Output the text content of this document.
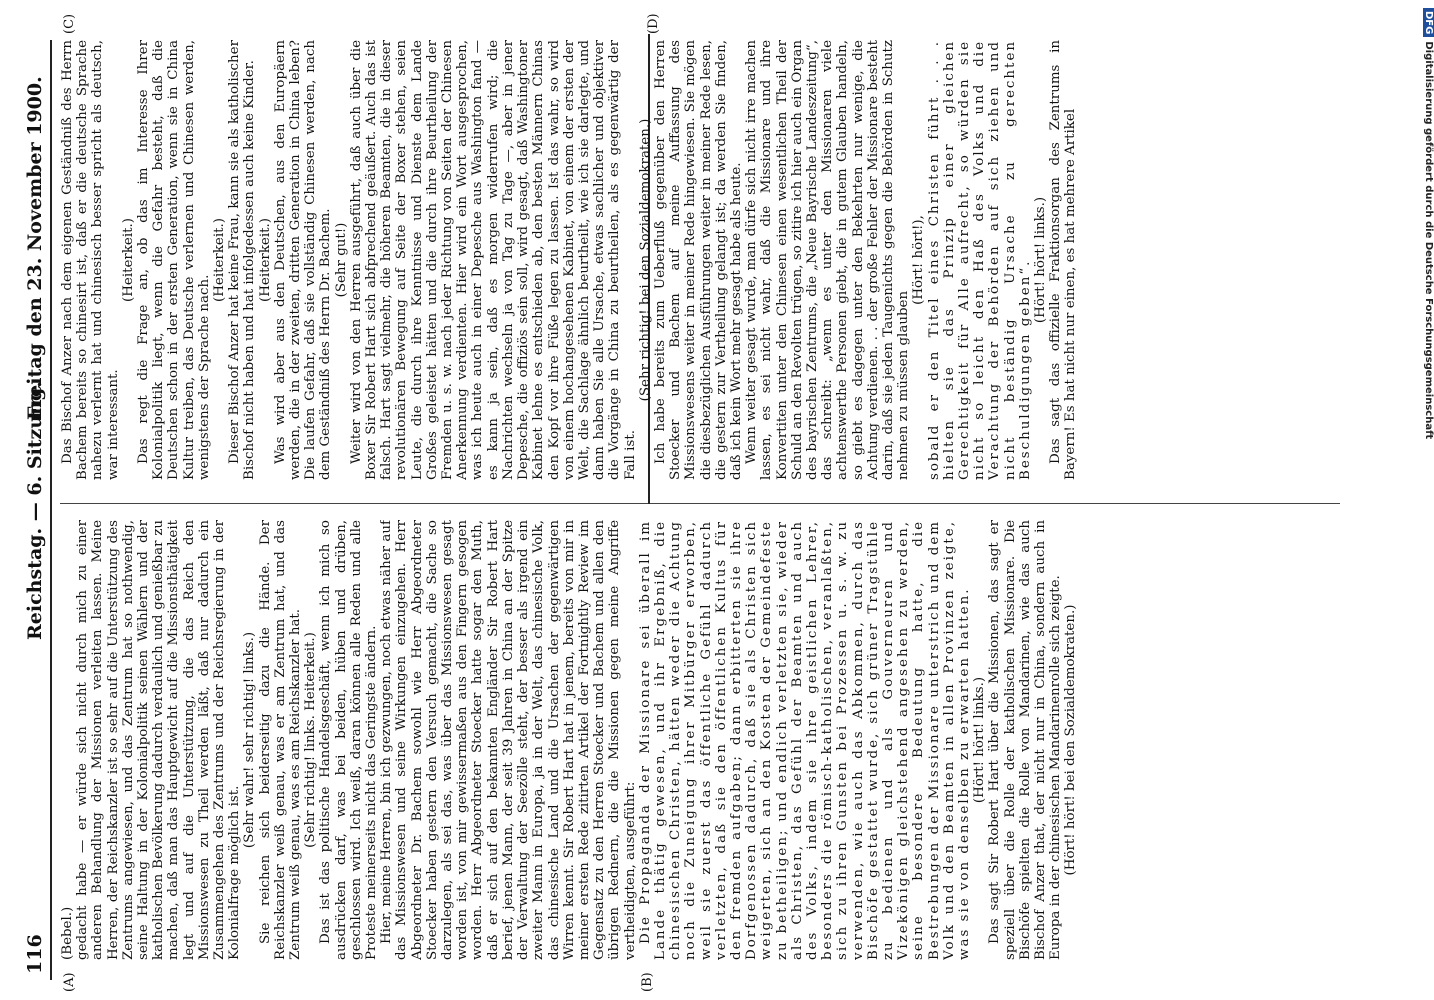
116
Reichstag. — 6. Sitzung.
Freitag den 23. November 1900.
(A)	(B)
(C)	(D)

(Bebel.) gedacht habe — er würde sich nicht durch mich zu einer anderen Behandlung der Missionen verleiten lassen. Meine Herren, der Reichskanzler ist so sehr auf die Unterstützung des Zentrums angewiesen, und das Zentrum hat so nothwendig, seine Haltung in der Kolonialpolitik seinen Wählern und der katholischen Bevölkerung dadurch verdaulich und genießbar zu machen, daß man das Hauptgewicht auf die Missionsthätigkeit legt und auf die Unterstützung, die das Reich den Missionswesen zu Theil werden läßt, daß nur dadurch ein Zusammengehen des Zentrums und der Reichsregierung in der Kolonialfrage möglich ist.

(Sehr wahr! sehr richtig! links.) Sie reichen sich beiderseitig dazu die Hände. Der Reichskanzler weiß genau, was er am Zentrum hat, und das Zentrum weiß genau, was es am Reichskanzler hat. (Sehr richtig! links. Heiterkeit.) Das ist das politische Handelsgeschäft, wenn ich mich so ausdrücken darf, was bei beiden, hüben und drüben, geschlossen wird. Ich weiß, daran können alle Reden und alle Proteste meinerseits nicht das Geringste ändern. Hier, meine Herren, bin ich gezwungen, noch etwas näher auf das Missionswesen und seine Wirkungen einzugehen. Herr Abgeordneter Dr. Bachem sowohl wie Herr Abgeordneter Stoecker haben gestern den Versuch gemacht, die Sache so darzulegen, als sei das, was über das Missionswesen gesagt worden ist, von mir gewissermaßen aus den Fingern gesogen worden. Herr Abgeordneter Stoecker hatte sogar den Muth, daß er sich auf den bekannten Engländer Sir Robert Hart berief, jenen Mann, der seit 39 Jahren in China an der Spitze der Verwaltung der Seezölle steht, der besser als irgend ein zweiter Mann in Europa, ja in der Welt, das chinesische Volk, das chinesische Land und die Ursachen der gegenwärtigen Wirren kennt. Sir Robert Hart hat in jenem, bereits von mir in meiner ersten Rede zitirten Artikel der Fortnightly Review im Gegensatz zu den Herren Stoecker und Bachem und allen den übrigen Rednern, die die Missionen gegen meine Angriffe vertheidigten, ausgeführt: Die Propaganda der Missionare sei überall im Lande thätig gewesen, und ihr Ergebniß, die chinesischen Christen, hätten weder die Achtung noch die Zuneigung ihrer Mitbürger erworben, weil sie zuerst das öffentliche Gefühl dadurch verletzten, daß sie den öffentlichen Kultus für den fremden aufgaben; dann erbitterten sie ihre Dorfgenossen dadurch, daß sie als Christen sich weigerten, sich an den Kosten der Gemeindefeste zu betheiligen; und endlich verletzten sie, wieder als Christen, das Gefühl der Beamten und auch des Volks, indem sie ihre geistlichen Lehrer, besonders die römisch-katholischen, veranlaßten, sich zu ihren Gunsten bei Prozessen u. s. w. zu verwenden, wie auch das Abkommen, durch das Bischöfe gestattet wurde, sich grüner Tragstühle zu bedienen und als Gouverneuren und Vizekönigen gleichstehend angesehen zu werden, seine besondere Bedeutung hatte, die Bestrebungen der Missionare unterstrich und dem Volk und den Beamten in allen Provinzen zeigte, was sie von denselben zu erwarten hatten. (Hört! hört! links.) Das sagt Sir Robert Hart über die Missionen, das sagt er speziell über die Rolle der katholischen Missionare. Die Bischöfe spielten die Rolle von Mandarinen, wie das auch Bischof Anzer that, der nicht nur in China, sondern auch in Europa in der chinesischen Mandarinenrolle sich zeigte. (Hört! hört! bei den Sozialdemokraten.)

Das Bischof Anzer nach dem eigenen Geständniß des Herrn Bachem bereits so chinesirt ist, daß er die deutsche Sprache nahezu verlernt hat und chinesisch besser spricht als deutsch, war interessant.

(Heiterkeit.) Das regt die Frage an, ob das im Interesse Ihrer Kolonialpolitik liegt, wenn die Gefahr besteht, daß die Deutschen schon in der ersten Generation, wenn sie in China Kultur treiben, das Deutsche verlernen und Chinesen werden, wenigstens der Sprache nach.

(Heiterkeit.) Dieser Bischof Anzer hat keine Frau, kann sie als katholischer Bischof nicht haben und hat infolgedessen auch keine Kinder. (Heiterkeit.) Was wird aber aus den Deutschen, aus den Europäern werden, die in der zweiten, dritten Generation in China leben? Die laufen Gefahr, daß sie vollständig Chinesen werden, nach dem Geständniß des Herrn Dr. Bachem. (Sehr gut!) Weiter wird von den Herren ausgeführt, daß auch über die Boxer Sir Robert Hart sich abfprechend geäußert. Auch das ist falsch. Hart sagt vielmehr, die höheren Beamten, die in dieser revolutionären Bewegung auf Seite der Boxer stehen, seien Leute, die durch ihre Kenntnisse und Dienste dem Lande Großes geleistet hätten und die durch ihre Beurtheilung der Fremden u. s. w. nach jeder Richtung von Seiten der Chinesen Anerkennung verdienten. Hier wird ein Wort ausgesprochen, was ich heute auch in einer Depesche aus Washington fand — es kann ja sein, daß es morgen widerrufen wird; die Nachrichten wechseln ja von Tag zu Tage —, aber in jener Depesche, die offiziös sein soll, wird gesagt, daß Washingtoner Kabinet lehne es entschieden ab, den besten Männern Chinas den Kopf vor ihre Füße legen zu lassen. Ist das wahr, so wird von einem hochangesehenen Kabinet, von einem der ersten der Welt, die Sachlage ähnlich beurtheilt, wie ich sie darlegte, und dann haben Sie alle Ursache, etwas sachlicher und objektiver die Vorgänge in China zu beurtheilen, als es gegenwärtig der Fall ist.

(Sehr richtig! bei den Sozialdemokraten.) Ich habe bereits zum Ueberfluß gegenüber den Herren Stoecker und Bachem auf meine Auffassung des Missionswesens weiter in meiner Rede hingewiesen. Sie mögen die diesbezüglichen Ausführungen weiter in meiner Rede lesen, die gestern zur Vertheilung gelangt ist; da werden Sie finden, daß ich kein Wort mehr gesagt habe als heute. Wenn weiter gesagt wurde, man dürfe sich nicht irre machen lassen, es sei nicht wahr, daß die Missionare und ihre Konvertiten unter den Chinesen einen wesentlichen Theil der Schuld an den Revolten trügen, so zitire ich hier auch ein Organ des bayrischen Zentrums, die „Neue Bayrische Landeszeitung“, das schreibt: „wenn es unter den Missionaren viele achtenswerthe Personen giebt, die in gutem Glauben handeln, so giebt es dagegen unter den Bekehrten nur wenige, die Achtung verdienen. . . der große Fehler der Missionare besteht darin, daß sie jeden Taugenichts gegen die Behörden in Schutz nehmen zu müssen glauben

(Hört! hört!), sobald er den Titel eines Christen führt . . . hielten sie das Prinzip einer gleichen Gerechtigkeit für Alle aufrecht, so würden sie nicht so leicht den Haß des Volks und die Verachtung der Behörden auf sich ziehen und nicht beständig Ursache zu gerechten Beschuldigungen geben“. (Hört! hört! links.) Das sagt das offizielle Fraktionsorgan des Zentrums in Bayern! Es hat nicht nur einen, es hat mehrere Artikel

DFGDigitalisierung gefördert durch die Deutsche Forschungsgemeinschaft
